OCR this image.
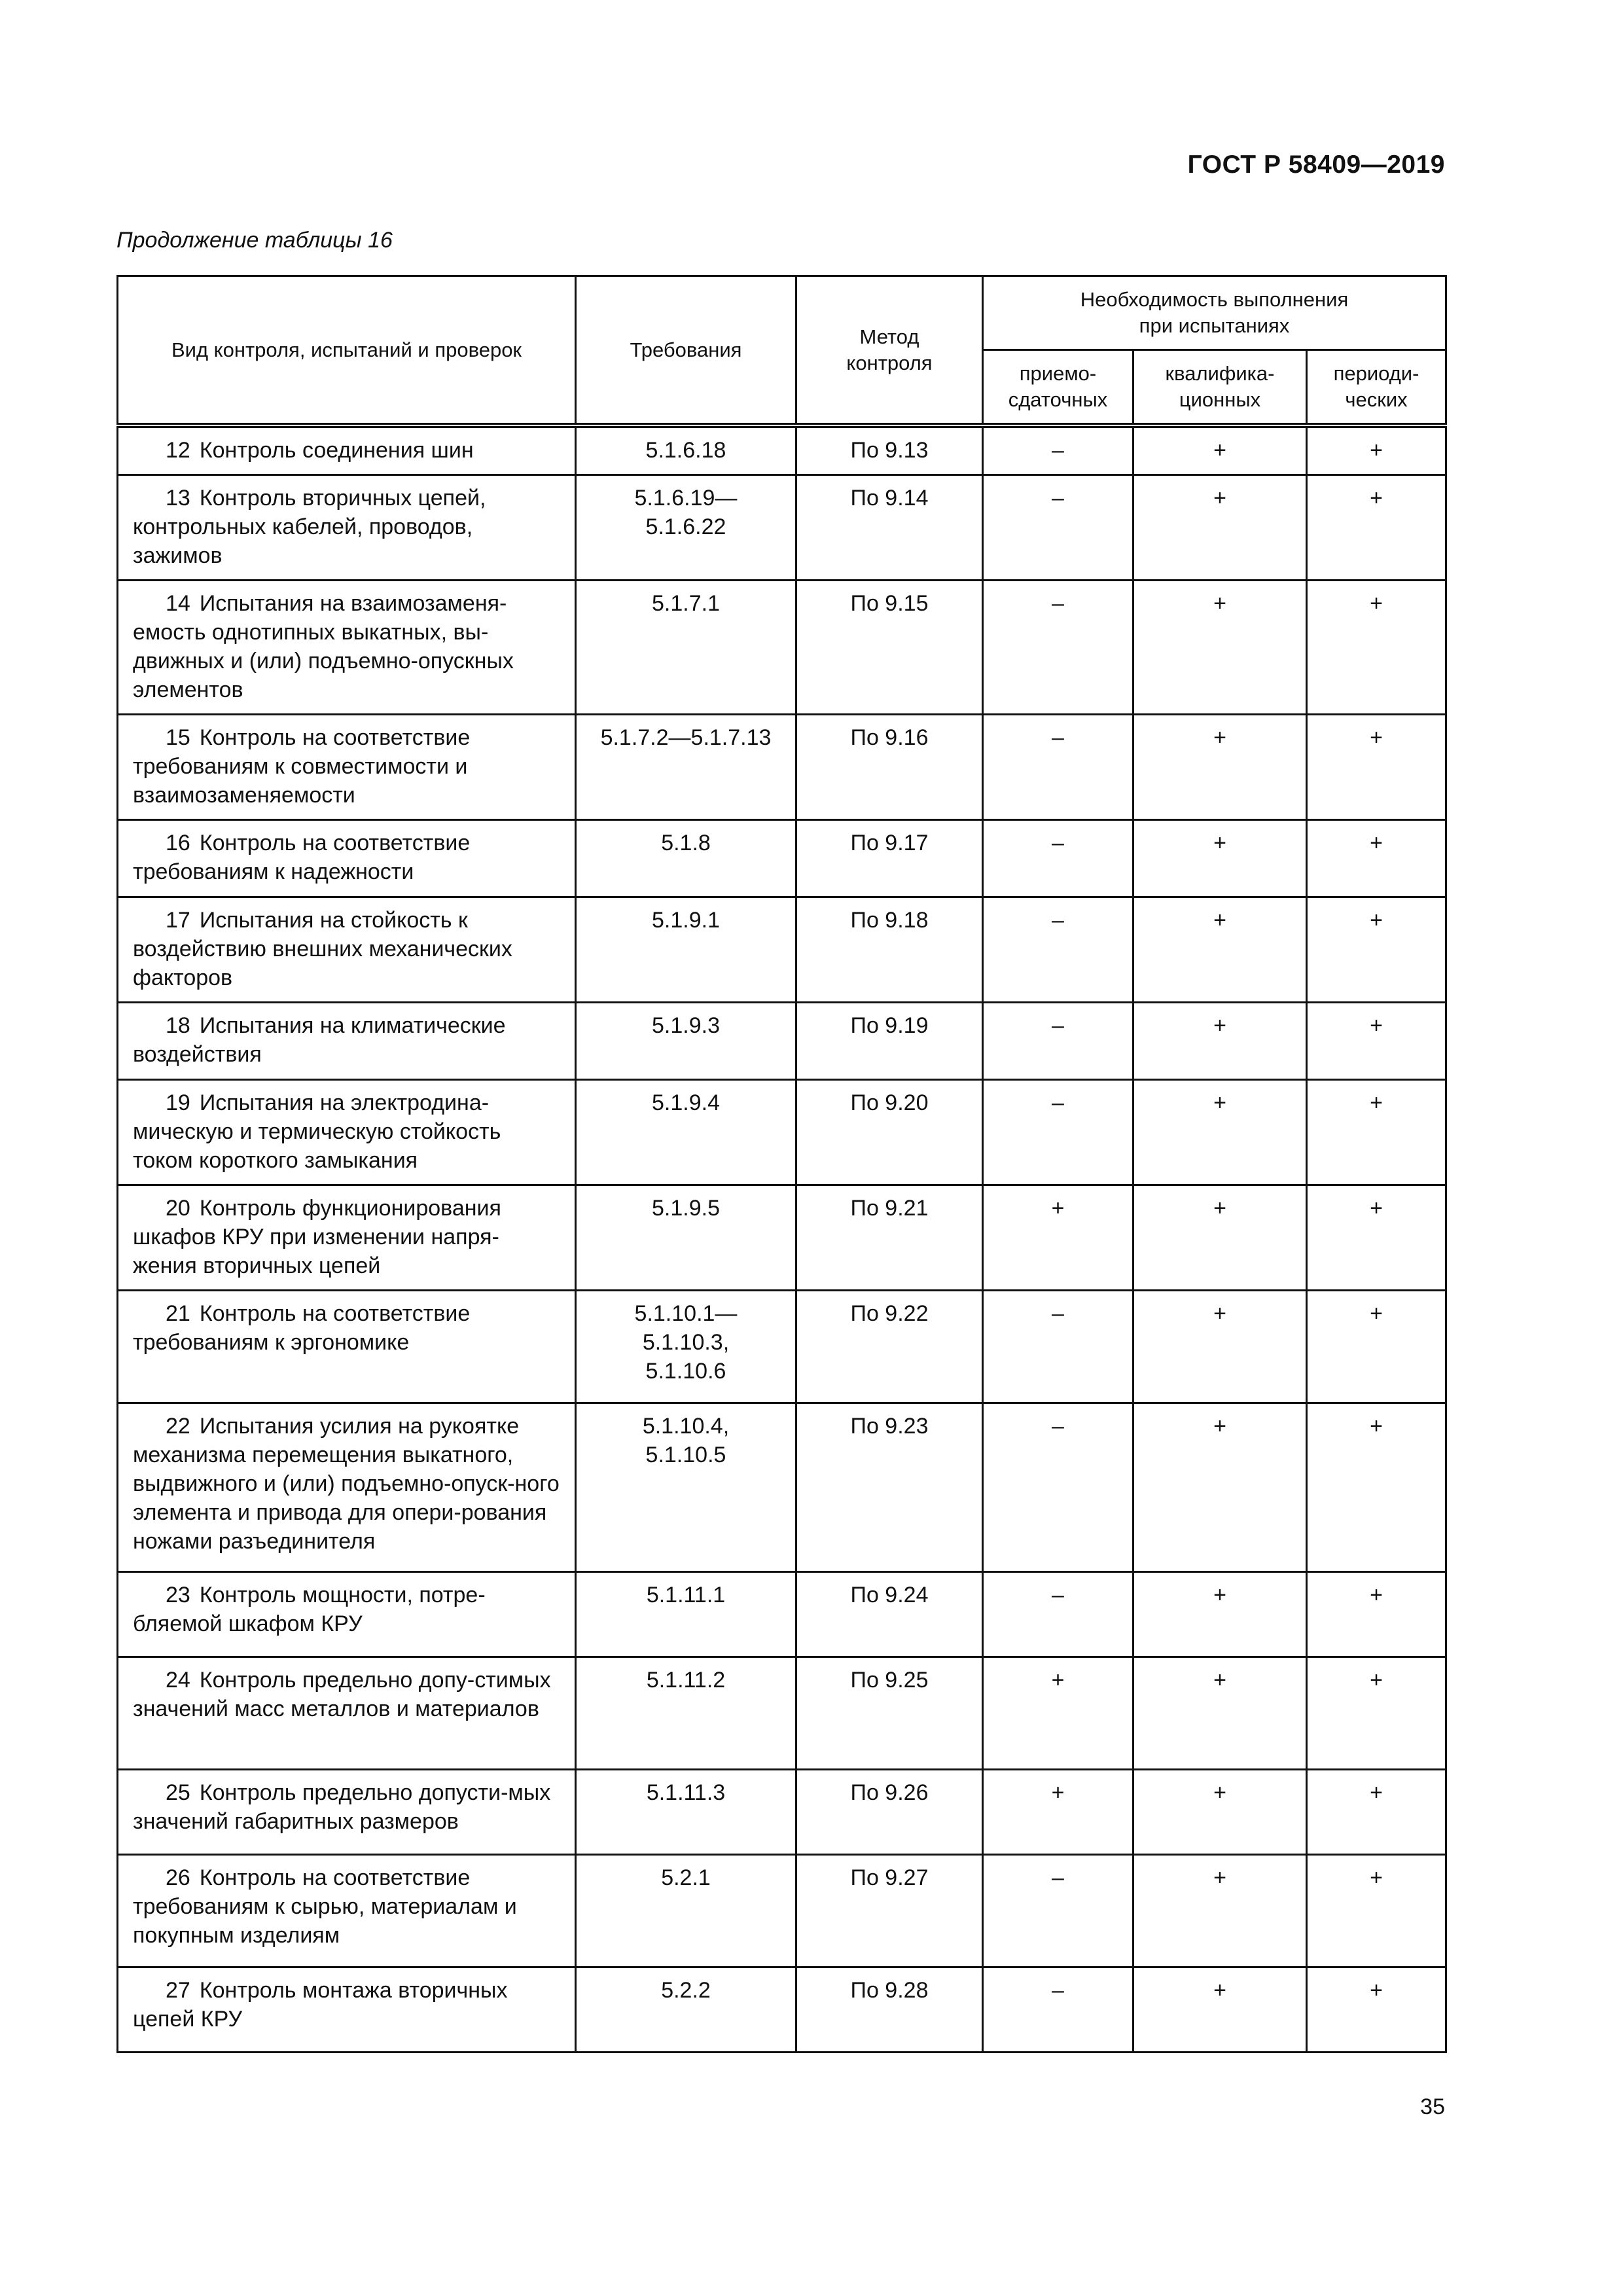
ГОСТ Р 58409—2019
Продолжение таблицы 16
Вид контроля, испытаний и проверок	Требования	Метод контроля	Необходимость выполнения при испытаниях		
			приемо-сдаточных	квалифика-ционных	периоди-ческих
12 Контроль соединения шин	5.1.6.18	По 9.13	–	+	+
13 Контроль вторичных цепей, контрольных кабелей, проводов, зажимов	5.1.6.19— 5.1.6.22	По 9.14	–	+	+
14 Испытания на взаимозаменя-емость однотипных выкатных, вы-движных и (или) подъемно-опускных элементов	5.1.7.1	По 9.15	–	+	+
15 Контроль на соответствие требованиям к совместимости и взаимозаменяемости	5.1.7.2—5.1.7.13	По 9.16	–	+	+
16 Контроль на соответствие требованиям к надежности	5.1.8	По 9.17	–	+	+
17 Испытания на стойкость к воздействию внешних механических факторов	5.1.9.1	По 9.18	–	+	+
18 Испытания на климатические воздействия	5.1.9.3	По 9.19	–	+	+
19 Испытания на электродина-мическую и термическую стойкость током короткого замыкания	5.1.9.4	По 9.20	–	+	+
20 Контроль функционирования шкафов КРУ при изменении напря-жения вторичных цепей	5.1.9.5	По 9.21	+	+	+
21 Контроль на соответствие требованиям к эргономике	5.1.10.1— 5.1.10.3, 5.1.10.6	По 9.22	–	+	+
22 Испытания усилия на рукоятке механизма перемещения выкатного, выдвижного и (или) подъемно-опуск-ного элемента и привода для опери-рования ножами разъединителя	5.1.10.4, 5.1.10.5	По 9.23	–	+	+
23 Контроль мощности, потре-бляемой шкафом КРУ	5.1.11.1	По 9.24	–	+	+
24 Контроль предельно допу-стимых значений масс металлов и материалов	5.1.11.2	По 9.25	+	+	+
25 Контроль предельно допусти-мых значений габаритных размеров	5.1.11.3	По 9.26	+	+	+
26 Контроль на соответствие требованиям к сырью, материалам и покупным изделиям	5.2.1	По 9.27	–	+	+
27 Контроль монтажа вторичных цепей КРУ	5.2.2	По 9.28	–	+	+
35
